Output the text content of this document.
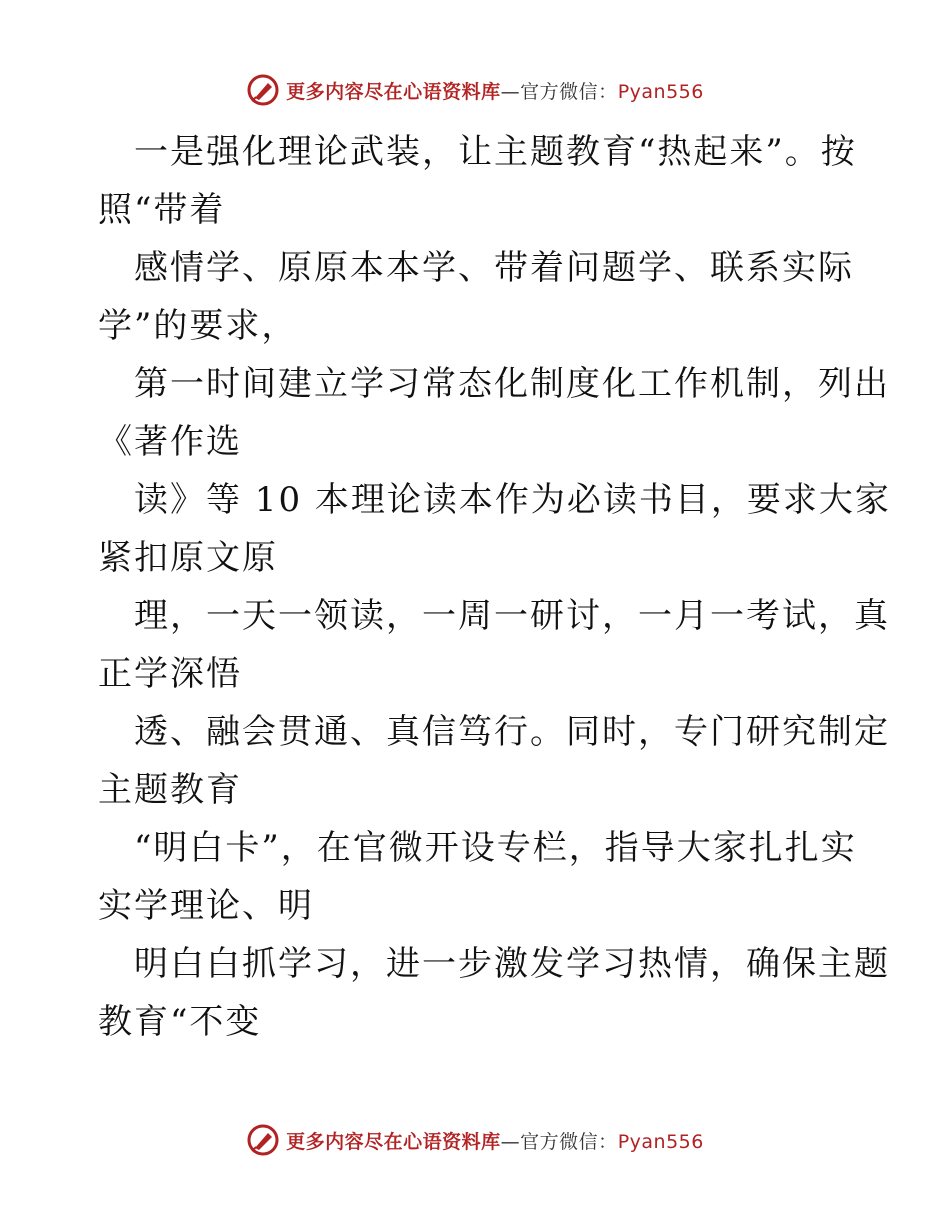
更多内容尽在心语资料库—官方微信：Pyan556

一是强化理论武装，让主题教育“热起来”。按

照“带着

感情学、原原本本学、带着问题学、联系实际

学”的要求，

第一时间建立学习常态化制度化工作机制，列出

《著作选

读》等 10 本理论读本作为必读书目，要求大家

紧扣原文原

理，一天一领读，一周一研讨，一月一考试，真

正学深悟

透、融会贯通、真信笃行。同时，专门研究制定

主题教育

“明白卡”，在官微开设专栏，指导大家扎扎实

实学理论、明

明白白抓学习，进一步激发学习热情，确保主题

教育“不变

更多内容尽在心语资料库—官方微信：Pyan556
